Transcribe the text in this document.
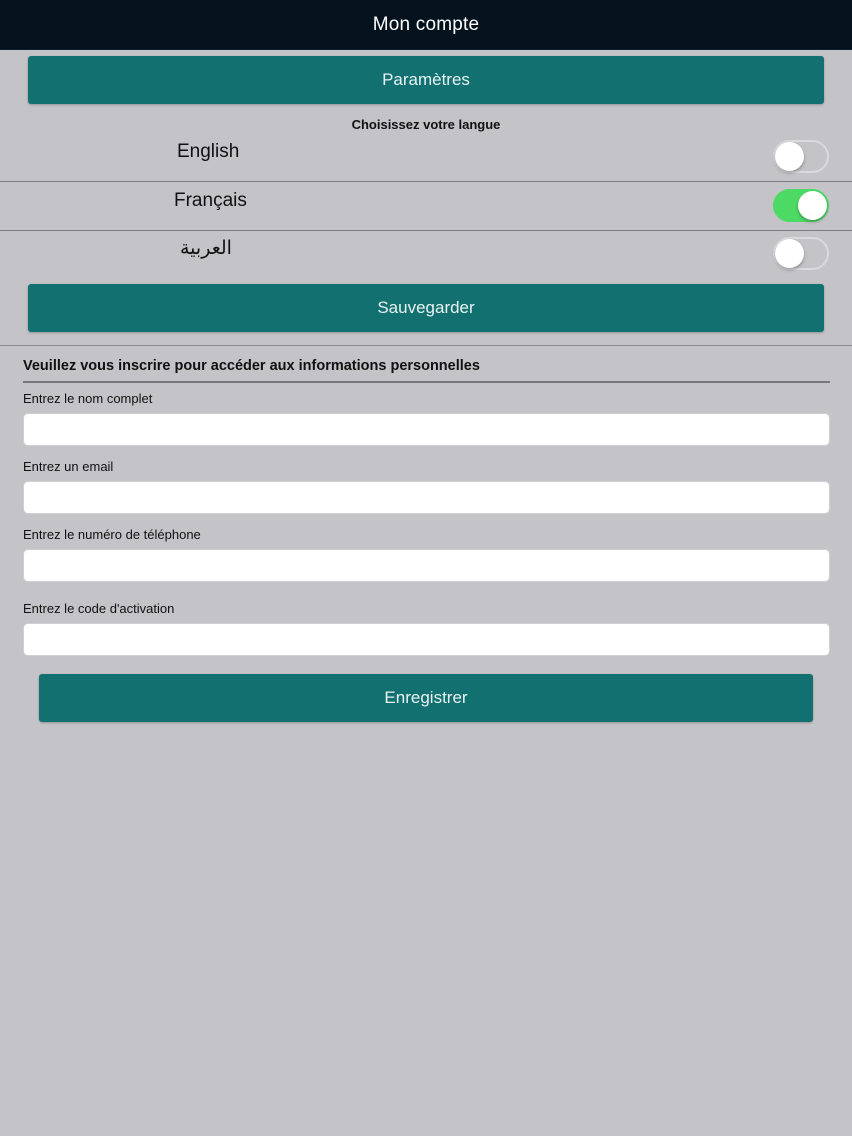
Mon compte
Paramètres
Choisissez votre langue
English
Français
العربية
Sauvegarder
Veuillez vous inscrire pour accéder aux informations personnelles
Entrez le nom complet
Entrez un email
Entrez le numéro de téléphone
Entrez le code d'activation
Enregistrer
